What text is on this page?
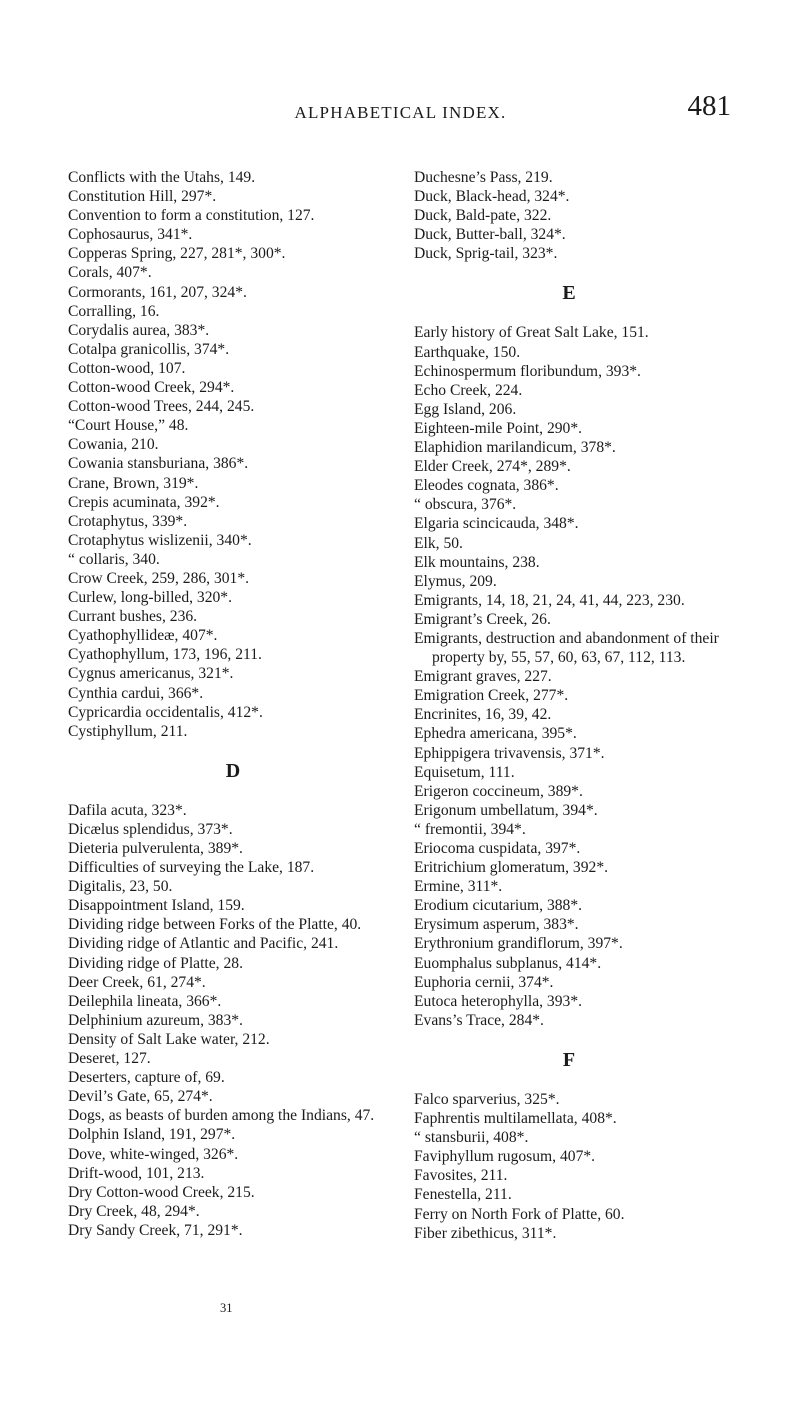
ALPHABETICAL INDEX.	481
Conflicts with the Utahs, 149.
Constitution Hill, 297*.
Convention to form a constitution, 127.
Cophosaurus, 341*.
Copperas Spring, 227, 281*, 300*.
Corals, 407*.
Cormorants, 161, 207, 324*.
Corralling, 16.
Corydalis aurea, 383*.
Cotalpa granicollis, 374*.
Cotton-wood, 107.
Cotton-wood Creek, 294*.
Cotton-wood Trees, 244, 245.
“Court House,” 48.
Cowania, 210.
Cowania stansburiana, 386*.
Crane, Brown, 319*.
Crepis acuminata, 392*.
Crotaphytus, 339*.
Crotaphytus wislizenii, 340*.
“ collaris, 340.
Crow Creek, 259, 286, 301*.
Curlew, long-billed, 320*.
Currant bushes, 236.
Cyathophyllideæ, 407*.
Cyathophyllum, 173, 196, 211.
Cygnus americanus, 321*.
Cynthia cardui, 366*.
Cypricardia occidentalis, 412*.
Cystiphyllum, 211.
D
Dafila acuta, 323*.
Dicælus splendidus, 373*.
Dieteria pulverulenta, 389*.
Difficulties of surveying the Lake, 187.
Digitalis, 23, 50.
Disappointment Island, 159.
Dividing ridge between Forks of the Platte, 40.
Dividing ridge of Atlantic and Pacific, 241.
Dividing ridge of Platte, 28.
Deer Creek, 61, 274*.
Deilephila lineata, 366*.
Delphinium azureum, 383*.
Density of Salt Lake water, 212.
Deseret, 127.
Deserters, capture of, 69.
Devil’s Gate, 65, 274*.
Dogs, as beasts of burden among the Indians, 47.
Dolphin Island, 191, 297*.
Dove, white-winged, 326*.
Drift-wood, 101, 213.
Dry Cotton-wood Creek, 215.
Dry Creek, 48, 294*.
Dry Sandy Creek, 71, 291*.
31
Duchesne’s Pass, 219.
Duck, Black-head, 324*.
Duck, Bald-pate, 322.
Duck, Butter-ball, 324*.
Duck, Sprig-tail, 323*.
E
Early history of Great Salt Lake, 151.
Earthquake, 150.
Echinospermum floribundum, 393*.
Echo Creek, 224.
Egg Island, 206.
Eighteen-mile Point, 290*.
Elaphidion marilandicum, 378*.
Elder Creek, 274*, 289*.
Eleodes cognata, 386*.
“ obscura, 376*.
Elgaria scincicauda, 348*.
Elk, 50.
Elk mountains, 238.
Elymus, 209.
Emigrants, 14, 18, 21, 24, 41, 44, 223, 230.
Emigrant’s Creek, 26.
Emigrants, destruction and abandonment of their property by, 55, 57, 60, 63, 67, 112, 113.
Emigrant graves, 227.
Emigration Creek, 277*.
Encrinites, 16, 39, 42.
Ephedra americana, 395*.
Ephippigera trivavensis, 371*.
Equisetum, 111.
Erigeron coccineum, 389*.
Erigonum umbellatum, 394*.
“ fremontii, 394*.
Eriocoma cuspidata, 397*.
Eritrichium glomeratum, 392*.
Ermine, 311*.
Erodium cicutarium, 388*.
Erysimum asperum, 383*.
Erythronium grandiflorum, 397*.
Euomphalus subplanus, 414*.
Euphoria cernii, 374*.
Eutoca heterophylla, 393*.
Evans’s Trace, 284*.
F
Falco sparverius, 325*.
Faphrentis multilamellata, 408*.
“ stansburii, 408*.
Faviphyllum rugosum, 407*.
Favosites, 211.
Fenestella, 211.
Ferry on North Fork of Platte, 60.
Fiber zibethicus, 311*.
